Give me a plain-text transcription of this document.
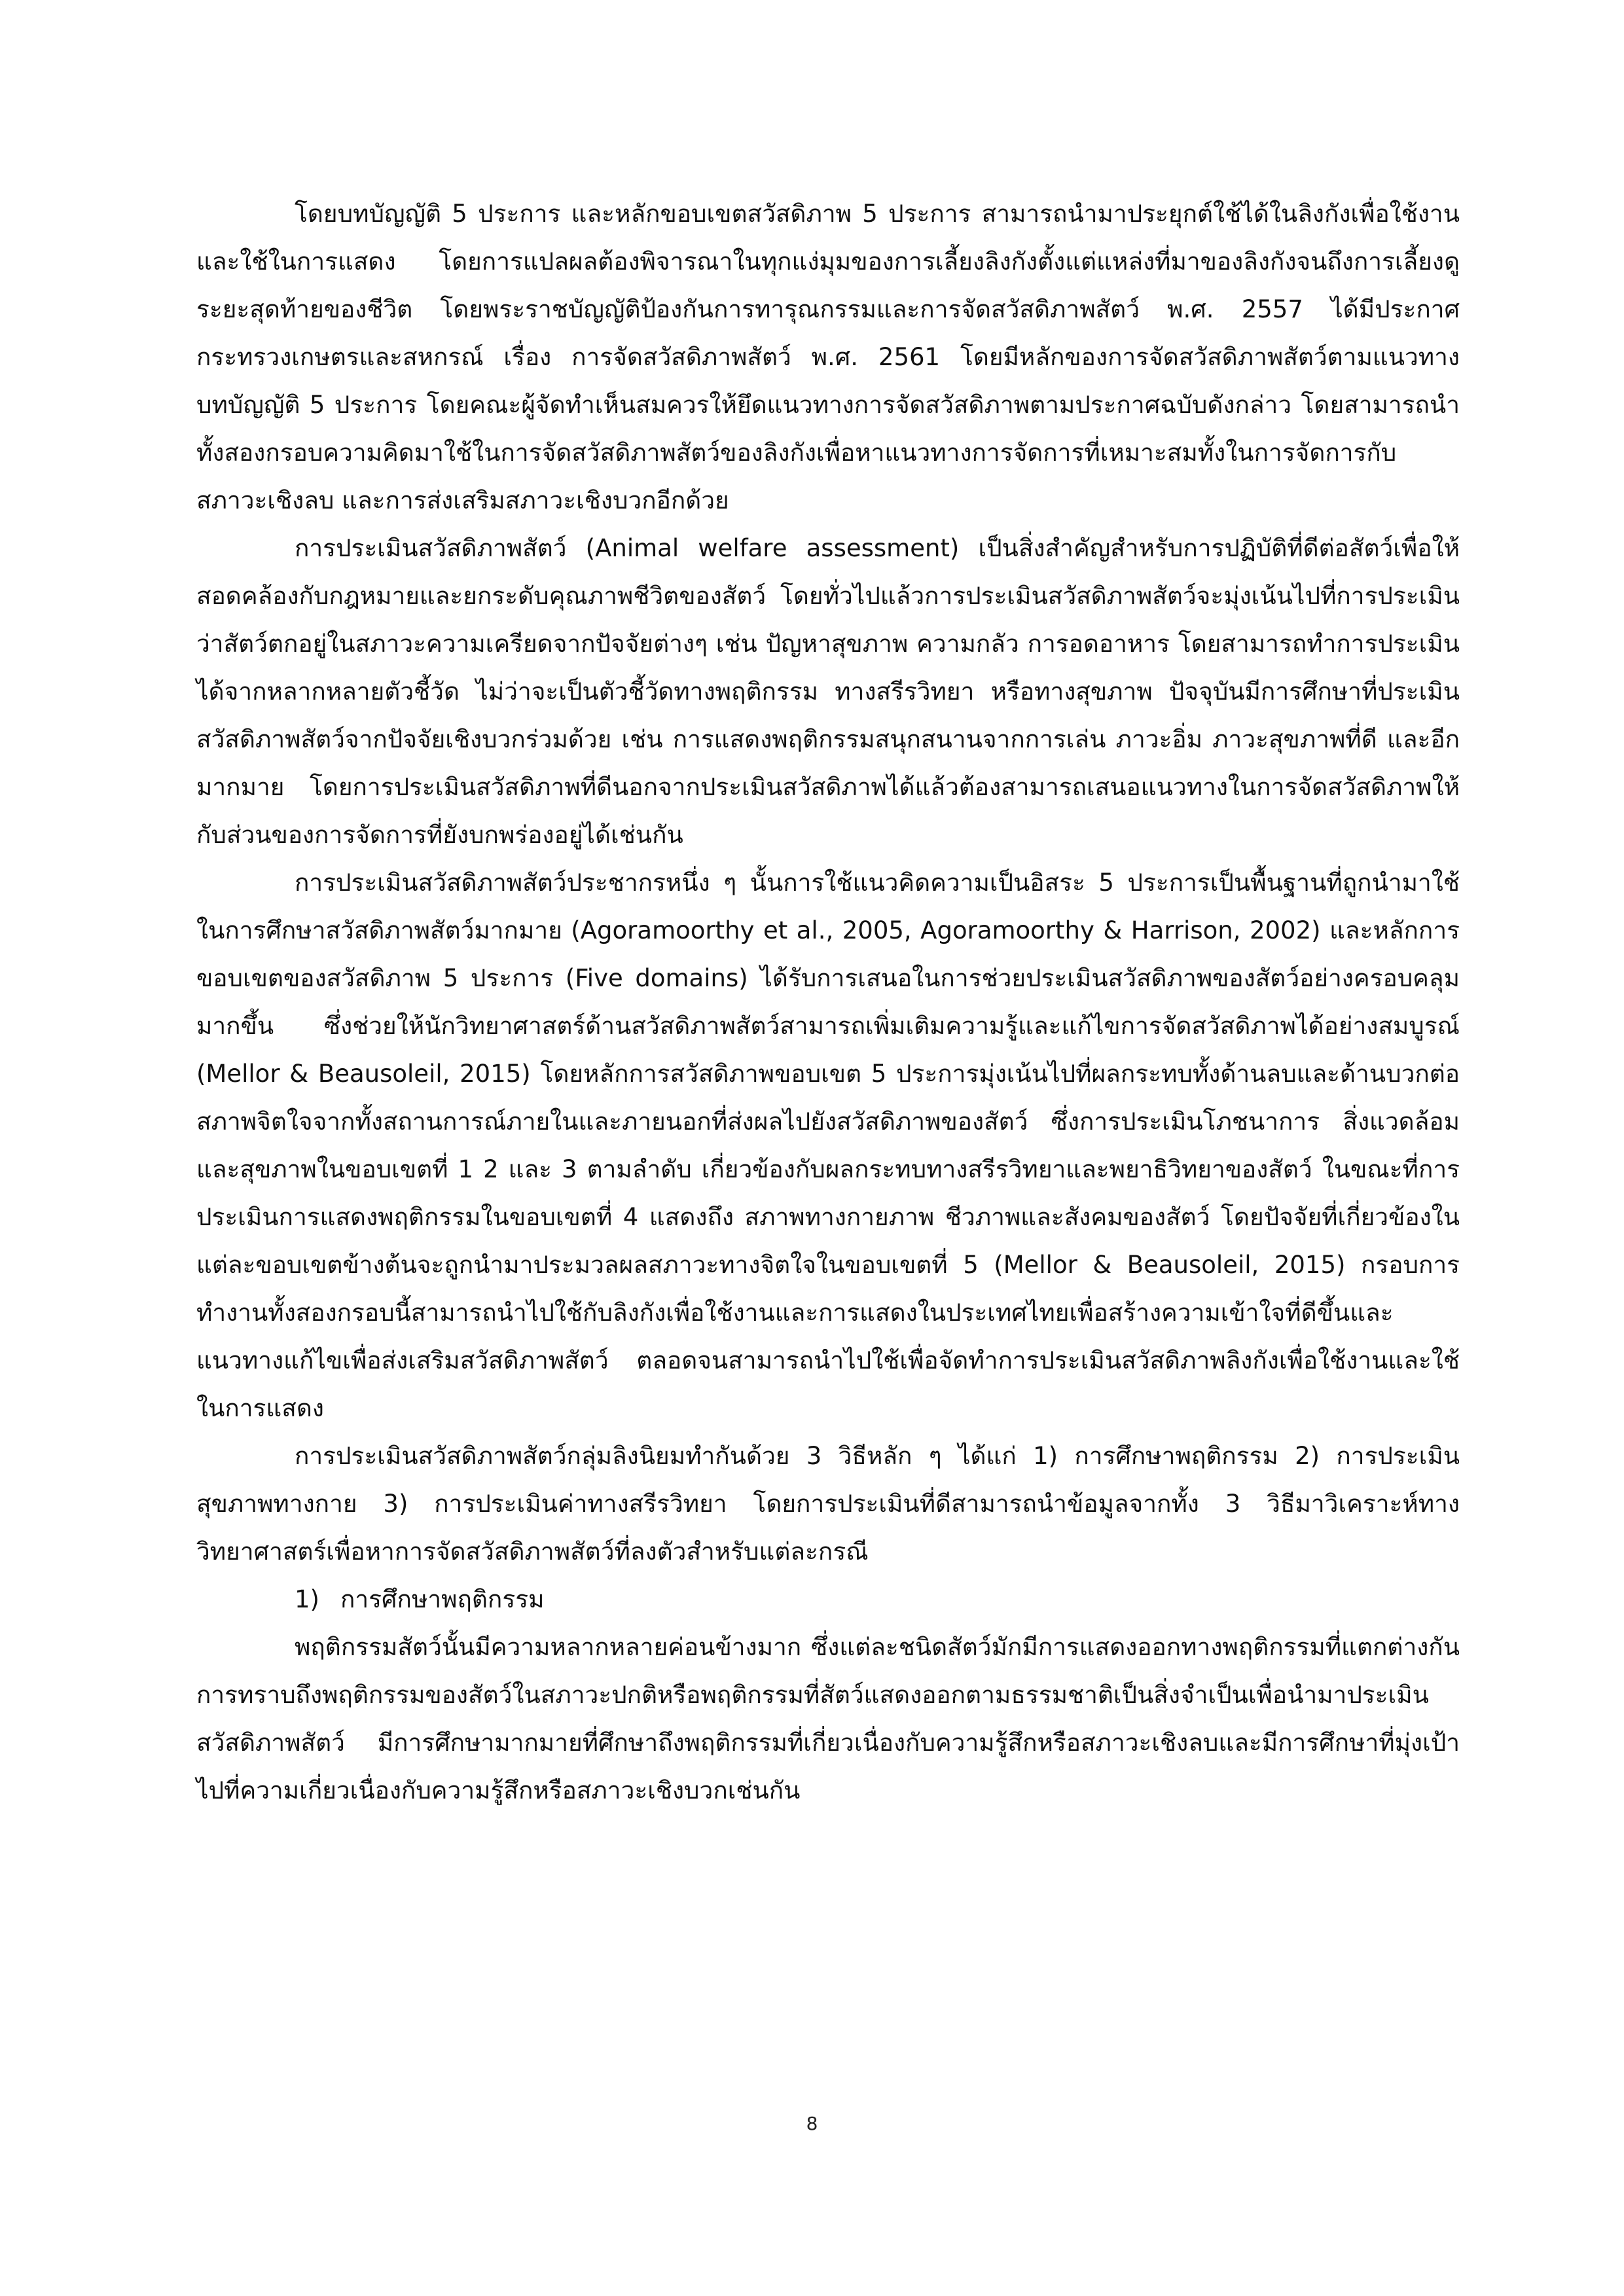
โดยบทบัญญัติ 5 ประการ และหลักขอบเขตสวัสดิภาพ 5 ประการ สามารถนำมาประยุกต์ใช้ได้ในลิงกังเพื่อใช้งานและใช้ในการแสดง โดยการแปลผลต้องพิจารณาในทุกแง่มุมของการเลี้ยงลิงกังตั้งแต่แหล่งที่มาของลิงกังจนถึงการเลี้ยงดูระยะสุดท้ายของชีวิต โดยพระราชบัญญัติป้องกันการทารุณกรรมและการจัดสวัสดิภาพสัตว์ พ.ศ. 2557 ได้มีประกาศกระทรวงเกษตรและสหกรณ์ เรื่อง การจัดสวัสดิภาพสัตว์ พ.ศ. 2561 โดยมีหลักของการจัดสวัสดิภาพสัตว์ตามแนวทางบทบัญญัติ 5 ประการ โดยคณะผู้จัดทำเห็นสมควรให้ยึดแนวทางการจัดสวัสดิภาพตามประกาศฉบับดังกล่าว โดยสามารถนำทั้งสองกรอบความคิดมาใช้ในการจัดสวัสดิภาพสัตว์ของลิงกังเพื่อหาแนวทางการจัดการที่เหมาะสมทั้งในการจัดการกับสภาวะเชิงลบ และการส่งเสริมสภาวะเชิงบวกอีกด้วย

การประเมินสวัสดิภาพสัตว์ (Animal welfare assessment) เป็นสิ่งสำคัญสำหรับการปฏิบัติที่ดีต่อสัตว์เพื่อให้สอดคล้องกับกฎหมายและยกระดับคุณภาพชีวิตของสัตว์ โดยทั่วไปแล้วการประเมินสวัสดิภาพสัตว์จะมุ่งเน้นไปที่การประเมินว่าสัตว์ตกอยู่ในสภาวะความเครียดจากปัจจัยต่างๆ เช่น ปัญหาสุขภาพ ความกลัว การอดอาหาร โดยสามารถทำการประเมินได้จากหลากหลายตัวชี้วัด ไม่ว่าจะเป็นตัวชี้วัดทางพฤติกรรม ทางสรีรวิทยา หรือทางสุขภาพ ปัจจุบันมีการศึกษาที่ประเมินสวัสดิภาพสัตว์จากปัจจัยเชิงบวกร่วมด้วย เช่น การแสดงพฤติกรรมสนุกสนานจากการเล่น ภาวะอิ่ม ภาวะสุขภาพที่ดี และอีกมากมาย โดยการประเมินสวัสดิภาพที่ดีนอกจากประเมินสวัสดิภาพได้แล้วต้องสามารถเสนอแนวทางในการจัดสวัสดิภาพให้กับส่วนของการจัดการที่ยังบกพร่องอยู่ได้เช่นกัน

การประเมินสวัสดิภาพสัตว์ประชากรหนึ่ง ๆ นั้นการใช้แนวคิดความเป็นอิสระ 5 ประการเป็นพื้นฐานที่ถูกนำมาใช้ในการศึกษาสวัสดิภาพสัตว์มากมาย (Agoramoorthy et al., 2005, Agoramoorthy & Harrison, 2002) และหลักการขอบเขตของสวัสดิภาพ 5 ประการ (Five domains) ได้รับการเสนอในการช่วยประเมินสวัสดิภาพของสัตว์อย่างครอบคลุมมากขึ้น ซึ่งช่วยให้นักวิทยาศาสตร์ด้านสวัสดิภาพสัตว์สามารถเพิ่มเติมความรู้และแก้ไขการจัดสวัสดิภาพได้อย่างสมบูรณ์ (Mellor & Beausoleil, 2015) โดยหลักการสวัสดิภาพขอบเขต 5 ประการมุ่งเน้นไปที่ผลกระทบทั้งด้านลบและด้านบวกต่อสภาพจิตใจจากทั้งสถานการณ์ภายในและภายนอกที่ส่งผลไปยังสวัสดิภาพของสัตว์ ซึ่งการประเมินโภชนาการ สิ่งแวดล้อมและสุขภาพในขอบเขตที่ 1 2 และ 3 ตามลำดับ เกี่ยวข้องกับผลกระทบทางสรีรวิทยาและพยาธิวิทยาของสัตว์ ในขณะที่การประเมินการแสดงพฤติกรรมในขอบเขตที่ 4 แสดงถึง สภาพทางกายภาพ ชีวภาพและสังคมของสัตว์ โดยปัจจัยที่เกี่ยวข้องในแต่ละขอบเขตข้างต้นจะถูกนำมาประมวลผลสภาวะทางจิตใจในขอบเขตที่ 5 (Mellor & Beausoleil, 2015) กรอบการทำงานทั้งสองกรอบนี้สามารถนำไปใช้กับลิงกังเพื่อใช้งานและการแสดงในประเทศไทยเพื่อสร้างความเข้าใจที่ดีขึ้นและแนวทางแก้ไขเพื่อส่งเสริมสวัสดิภาพสัตว์ ตลอดจนสามารถนำไปใช้เพื่อจัดทำการประเมินสวัสดิภาพลิงกังเพื่อใช้งานและใช้ในการแสดง

การประเมินสวัสดิภาพสัตว์กลุ่มลิงนิยมทำกันด้วย 3 วิธีหลัก ๆ ได้แก่ 1) การศึกษาพฤติกรรม 2) การประเมินสุขภาพทางกาย 3) การประเมินค่าทางสรีรวิทยา โดยการประเมินที่ดีสามารถนำข้อมูลจากทั้ง 3 วิธีมาวิเคราะห์ทางวิทยาศาสตร์เพื่อหาการจัดสวัสดิภาพสัตว์ที่ลงตัวสำหรับแต่ละกรณี

1) การศึกษาพฤติกรรม

พฤติกรรมสัตว์นั้นมีความหลากหลายค่อนข้างมาก ซึ่งแต่ละชนิดสัตว์มักมีการแสดงออกทางพฤติกรรมที่แตกต่างกัน การทราบถึงพฤติกรรมของสัตว์ในสภาวะปกติหรือพฤติกรรมที่สัตว์แสดงออกตามธรรมชาติเป็นสิ่งจำเป็นเพื่อนำมาประเมินสวัสดิภาพสัตว์ มีการศึกษามากมายที่ศึกษาถึงพฤติกรรมที่เกี่ยวเนื่องกับความรู้สึกหรือสภาวะเชิงลบและมีการศึกษาที่มุ่งเป้าไปที่ความเกี่ยวเนื่องกับความรู้สึกหรือสภาวะเชิงบวกเช่นกัน

8
